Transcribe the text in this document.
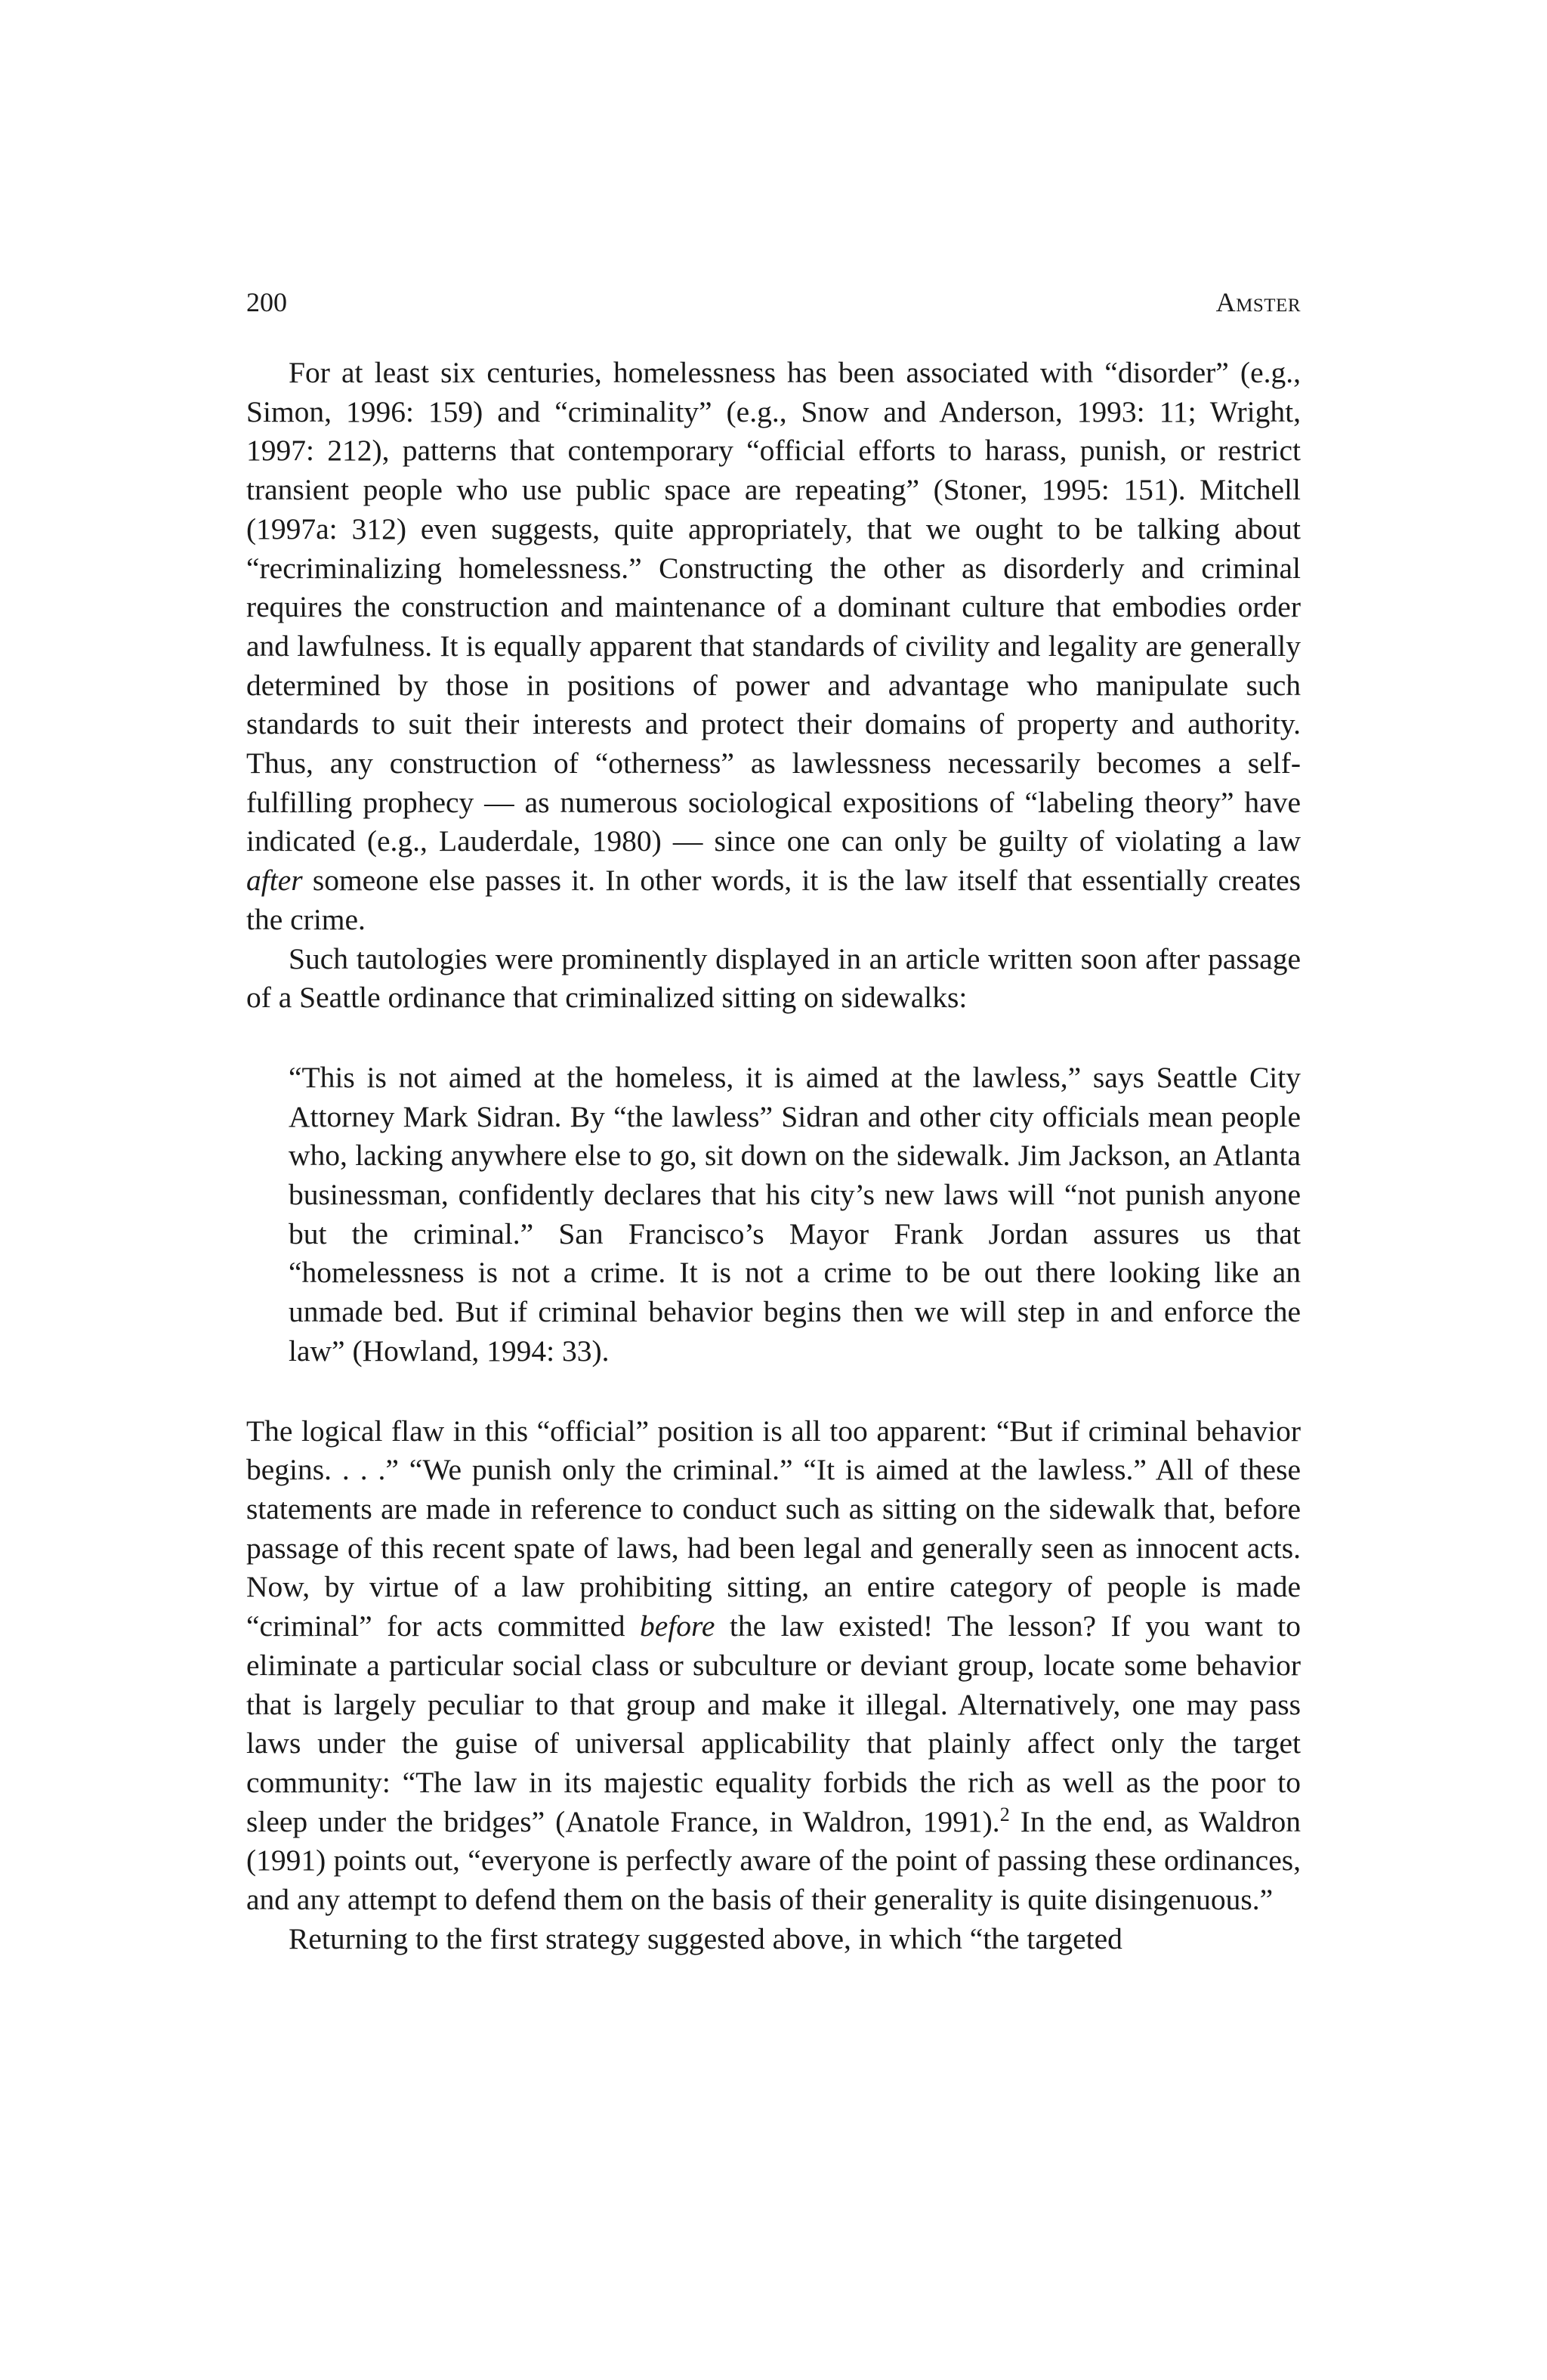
200	Amster

For at least six centuries, homelessness has been associated with “disorder” (e.g., Simon, 1996: 159) and “criminality” (e.g., Snow and Anderson, 1993: 11; Wright, 1997: 212), patterns that contemporary “official efforts to harass, punish, or restrict transient people who use public space are repeating” (Stoner, 1995: 151). Mitchell (1997a: 312) even suggests, quite appropriately, that we ought to be talking about “recriminalizing homelessness.” Constructing the other as disorderly and criminal requires the construction and maintenance of a dominant culture that embodies order and lawfulness. It is equally apparent that standards of civility and legality are generally determined by those in positions of power and advantage who manipulate such standards to suit their interests and protect their domains of property and authority. Thus, any construction of “otherness” as lawlessness necessarily becomes a self-fulfilling prophecy — as numerous sociological expositions of “labeling theory” have indicated (e.g., Lauderdale, 1980) — since one can only be guilty of violating a law after someone else passes it. In other words, it is the law itself that essentially creates the crime.

Such tautologies were prominently displayed in an article written soon after passage of a Seattle ordinance that criminalized sitting on sidewalks:

“This is not aimed at the homeless, it is aimed at the lawless,” says Seattle City Attorney Mark Sidran. By “the lawless” Sidran and other city officials mean people who, lacking anywhere else to go, sit down on the sidewalk. Jim Jackson, an Atlanta businessman, confidently declares that his city’s new laws will “not punish anyone but the criminal.” San Francisco’s Mayor Frank Jordan assures us that “homelessness is not a crime. It is not a crime to be out there looking like an unmade bed. But if criminal behavior begins then we will step in and enforce the law” (Howland, 1994: 33).

The logical flaw in this “official” position is all too apparent: “But if criminal behavior begins. . . .” “We punish only the criminal.” “It is aimed at the lawless.” All of these statements are made in reference to conduct such as sitting on the sidewalk that, before passage of this recent spate of laws, had been legal and generally seen as innocent acts. Now, by virtue of a law prohibiting sitting, an entire category of people is made “criminal” for acts committed before the law existed! The lesson? If you want to eliminate a particular social class or subculture or deviant group, locate some behavior that is largely peculiar to that group and make it illegal. Alternatively, one may pass laws under the guise of universal applicability that plainly affect only the target community: “The law in its majestic equality forbids the rich as well as the poor to sleep under the bridges” (Anatole France, in Waldron, 1991).$^2$ In the end, as Waldron (1991) points out, “everyone is perfectly aware of the point of passing these ordinances, and any attempt to defend them on the basis of their generality is quite disingenuous.”

Returning to the first strategy suggested above, in which “the targeted
